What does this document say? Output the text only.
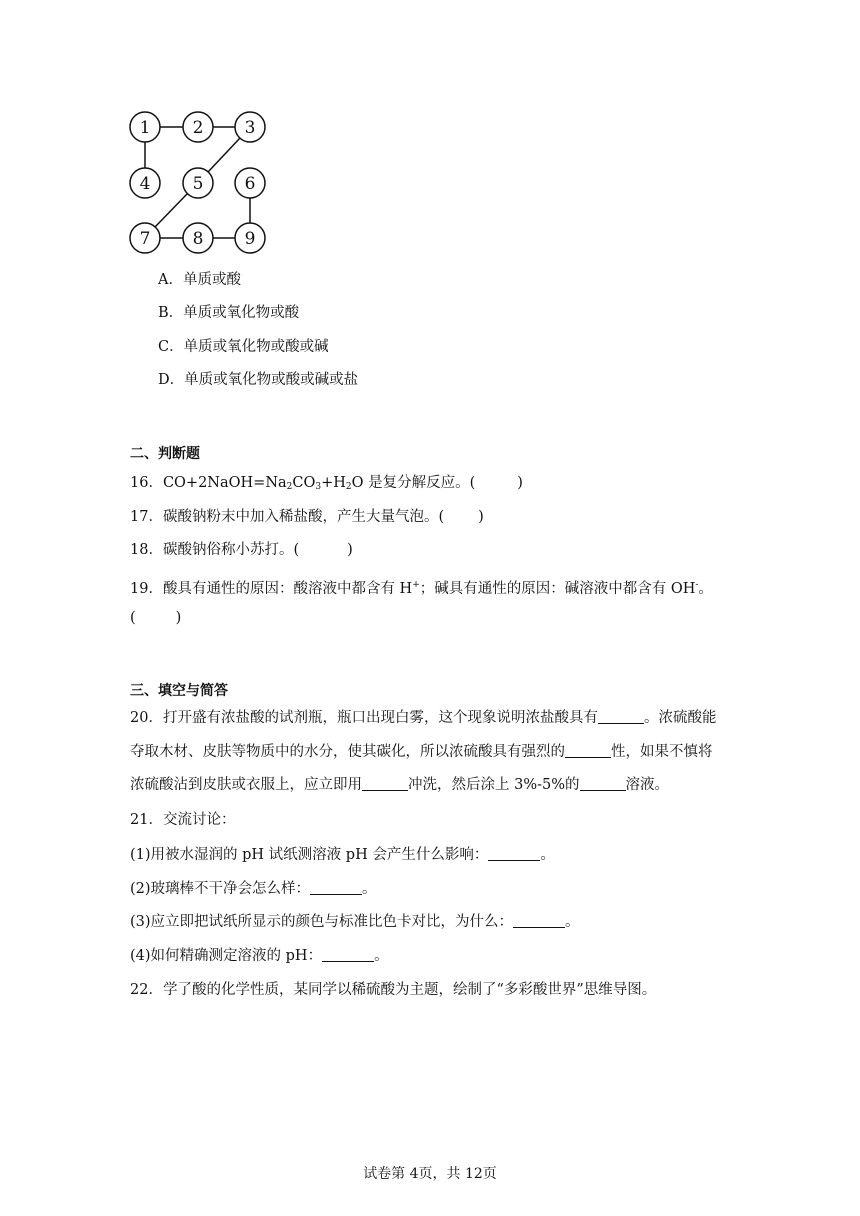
1 2 3
4 5 6
7 8 9
A．单质或酸
B．单质或氧化物或酸
C．单质或氧化物或酸或碱
D．单质或氧化物或酸或碱或盐
二、判断题
16．$CO+2NaOH=Na_2CO_3+H_2O$ 是复分解反应。(	)
17．碳酸钠粉末中加入稀盐酸，产生大量气泡。( )
18．碳酸钠俗称小苏打。(	)
19．酸具有通性的原因：酸溶液中都含有 H+；碱具有通性的原因：碱溶液中都含有 OH-。
(	)
三、填空与简答
20．打开盛有浓盐酸的试剂瓶，瓶口出现白雾，这个现象说明浓盐酸具有	。浓硫酸能
夺取木材、皮肤等物质中的水分，使其碳化，所以浓硫酸具有强烈的	性，如果不慎将
浓硫酸沾到皮肤或衣服上，应立即用	冲洗，然后涂上 3%-5%的	溶液。
21．交流讨论：
(1)用被水湿润的 pH 试纸测溶液 pH 会产生什么影响：	。
(2)玻璃棒不干净会怎么样：	。
(3)应立即把试纸所显示的颜色与标准比色卡对比，为什么：	。
(4)如何精确测定溶液的 pH：	。
22．学了酸的化学性质，某同学以稀硫酸为主题，绘制了“多彩酸世界”思维导图。
试卷第 4页，共 12页
